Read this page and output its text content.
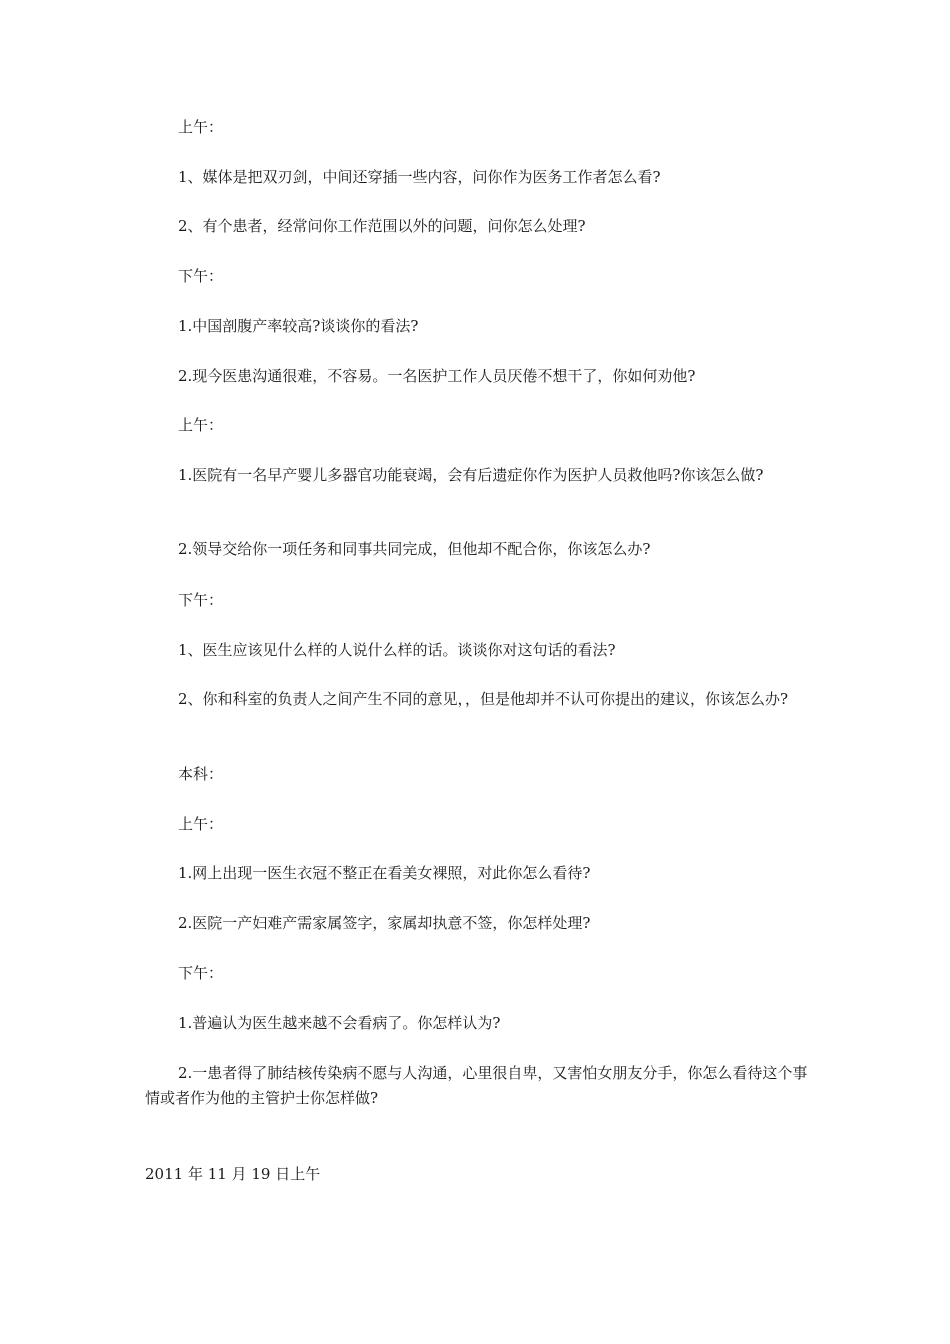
上午：

1、媒体是把双刃剑，中间还穿插一些内容，问你作为医务工作者怎么看?

2、有个患者，经常问你工作范围以外的问题，问你怎么处理?

下午：

1.中国剖腹产率较高?谈谈你的看法?

2.现今医患沟通很难，不容易。一名医护工作人员厌倦不想干了，你如何劝他?

上午：

1.医院有一名早产婴儿多器官功能衰竭，会有后遗症你作为医护人员救他吗?你该怎么做?

2.领导交给你一项任务和同事共同完成，但他却不配合你，你该怎么办?

下午：

1、医生应该见什么样的人说什么样的话。谈谈你对这句话的看法?

2、你和科室的负责人之间产生不同的意见，，但是他却并不认可你提出的建议，你该怎么办?

本科：

上午：

1.网上出现一医生衣冠不整正在看美女裸照，对此你怎么看待?

2.医院一产妇难产需家属签字，家属却执意不签，你怎样处理?

下午：

1.普遍认为医生越来越不会看病了。你怎样认为?

2.一患者得了肺结核传染病不愿与人沟通，心里很自卑，又害怕女朋友分手，你怎么看待这个事情或者作为他的主管护士你怎样做?

2011 年 11 月 19 日上午
